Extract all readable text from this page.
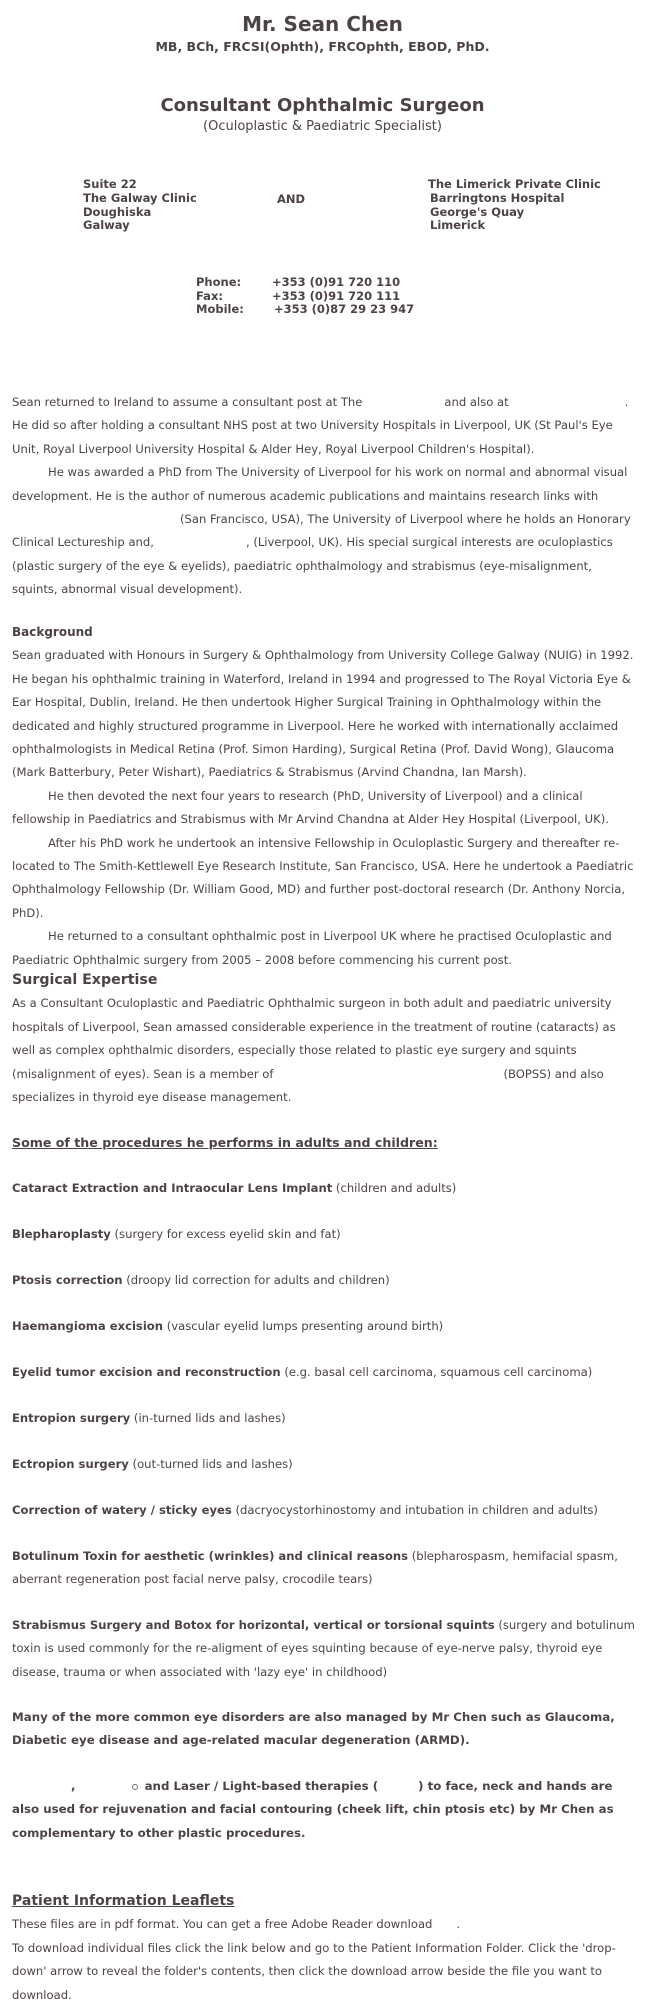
Mr. Sean Chen
MB, BCh, FRCSI(Ophth), FRCOphth, EBOD, PhD.
Consultant Ophthalmic Surgeon
(Oculoplastic & Paediatric Specialist)
Suite 22
The Galway Clinic
Doughiska
Galway
AND
The Limerick Private Clinic
Barringtons Hospital
George's Quay
Limerick
Phone:	+353 (0)91 720 110
Fax:	+353 (0)91 720 111
Mobile:	+353 (0)87 29 23 947

Sean returned to Ireland to assume a consultant post at The	and also at	. He did so after holding a consultant NHS post at two University Hospitals in Liverpool, UK (St Paul's Eye Unit, Royal Liverpool University Hospital & Alder Hey, Royal Liverpool Children's Hospital).

He was awarded a PhD from The University of Liverpool for his work on normal and abnormal visual development. He is the author of numerous academic publications and maintains research links with(San Francisco, USA), The University of Liverpool where he holds an Honorary Clinical Lectureship and,	, (Liverpool, UK). His special surgical interests are oculoplastics (plastic surgery of the eye & eyelids), paediatric ophthalmology and strabismus (eye-misalignment, squints, abnormal visual development).

Background

Sean graduated with Honours in Surgery & Ophthalmology from University College Galway (NUIG) in 1992. He began his ophthalmic training in Waterford, Ireland in 1994 and progressed to The Royal Victoria Eye & Ear Hospital, Dublin, Ireland. He then undertook Higher Surgical Training in Ophthalmology within the dedicated and highly structured programme in Liverpool. Here he worked with internationally acclaimed ophthalmologists in Medical Retina (Prof. Simon Harding), Surgical Retina (Prof. David Wong), Glaucoma (Mark Batterbury, Peter Wishart), Paediatrics & Strabismus (Arvind Chandna, Ian Marsh).

He then devoted the next four years to research (PhD, University of Liverpool) and a clinical fellowship in Paediatrics and Strabismus with Mr Arvind Chandna at Alder Hey Hospital (Liverpool, UK).

After his PhD work he undertook an intensive Fellowship in Oculoplastic Surgery and thereafter re-located to The Smith-Kettlewell Eye Research Institute, San Francisco, USA. Here he undertook a Paediatric Ophthalmology Fellowship (Dr. William Good, MD) and further post-doctoral research (Dr. Anthony Norcia, PhD).

He returned to a consultant ophthalmic post in Liverpool UK where he practised Oculoplastic and Paediatric Ophthalmic surgery from 2005 – 2008 before commencing his current post.

Surgical Expertise

As a Consultant Oculoplastic and Paediatric Ophthalmic surgeon in both adult and paediatric university hospitals of Liverpool, Sean amassed considerable experience in the treatment of routine (cataracts) as well as complex ophthalmic disorders, especially those related to plastic eye surgery and squints (misalignment of eyes). Sean is a member of	(BOPSS) and also specializes in thyroid eye disease management.

Some of the procedures he performs in adults and children:
Cataract Extraction and Intraocular Lens Implant (children and adults)
Blepharoplasty (surgery for excess eyelid skin and fat)
Ptosis correction (droopy lid correction for adults and children)
Haemangioma excision (vascular eyelid lumps presenting around birth)
Eyelid tumor excision and reconstruction (e.g. basal cell carcinoma, squamous cell carcinoma)
Entropion surgery (in-turned lids and lashes)
Ectropion surgery (out-turned lids and lashes)
Correction of watery / sticky eyes (dacryocystorhinostomy and intubation in children and adults)
Botulinum Toxin for aesthetic (wrinkles) and clinical reasons (blepharospasm, hemifacial spasm, aberrant regeneration post facial nerve palsy, crocodile tears)
Strabismus Surgery and Botox for horizontal, vertical or torsional squints (surgery and botulinum toxin is used commonly for the re-aligment of eyes squinting because of eye-nerve palsy, thyroid eye disease, trauma or when associated with 'lazy eye' in childhood)
Many of the more common eye disorders are also managed by Mr Chen such as Glaucoma, Diabetic eye disease and age-related macular degeneration (ARMD).
,	and Laser / Light-based therapies (	) to face, neck and hands are also used for rejuvenation and facial contouring (cheek lift, chin ptosis etc) by Mr Chen as complementary to other plastic procedures.
Patient Information Leaflets

These files are in pdf format. You can get a free Adobe Reader download .

To download individual files click the link below and go to the Patient Information Folder. Click the 'drop-down' arrow to reveal the folder's contents, then click the download arrow beside the file you want to download.
